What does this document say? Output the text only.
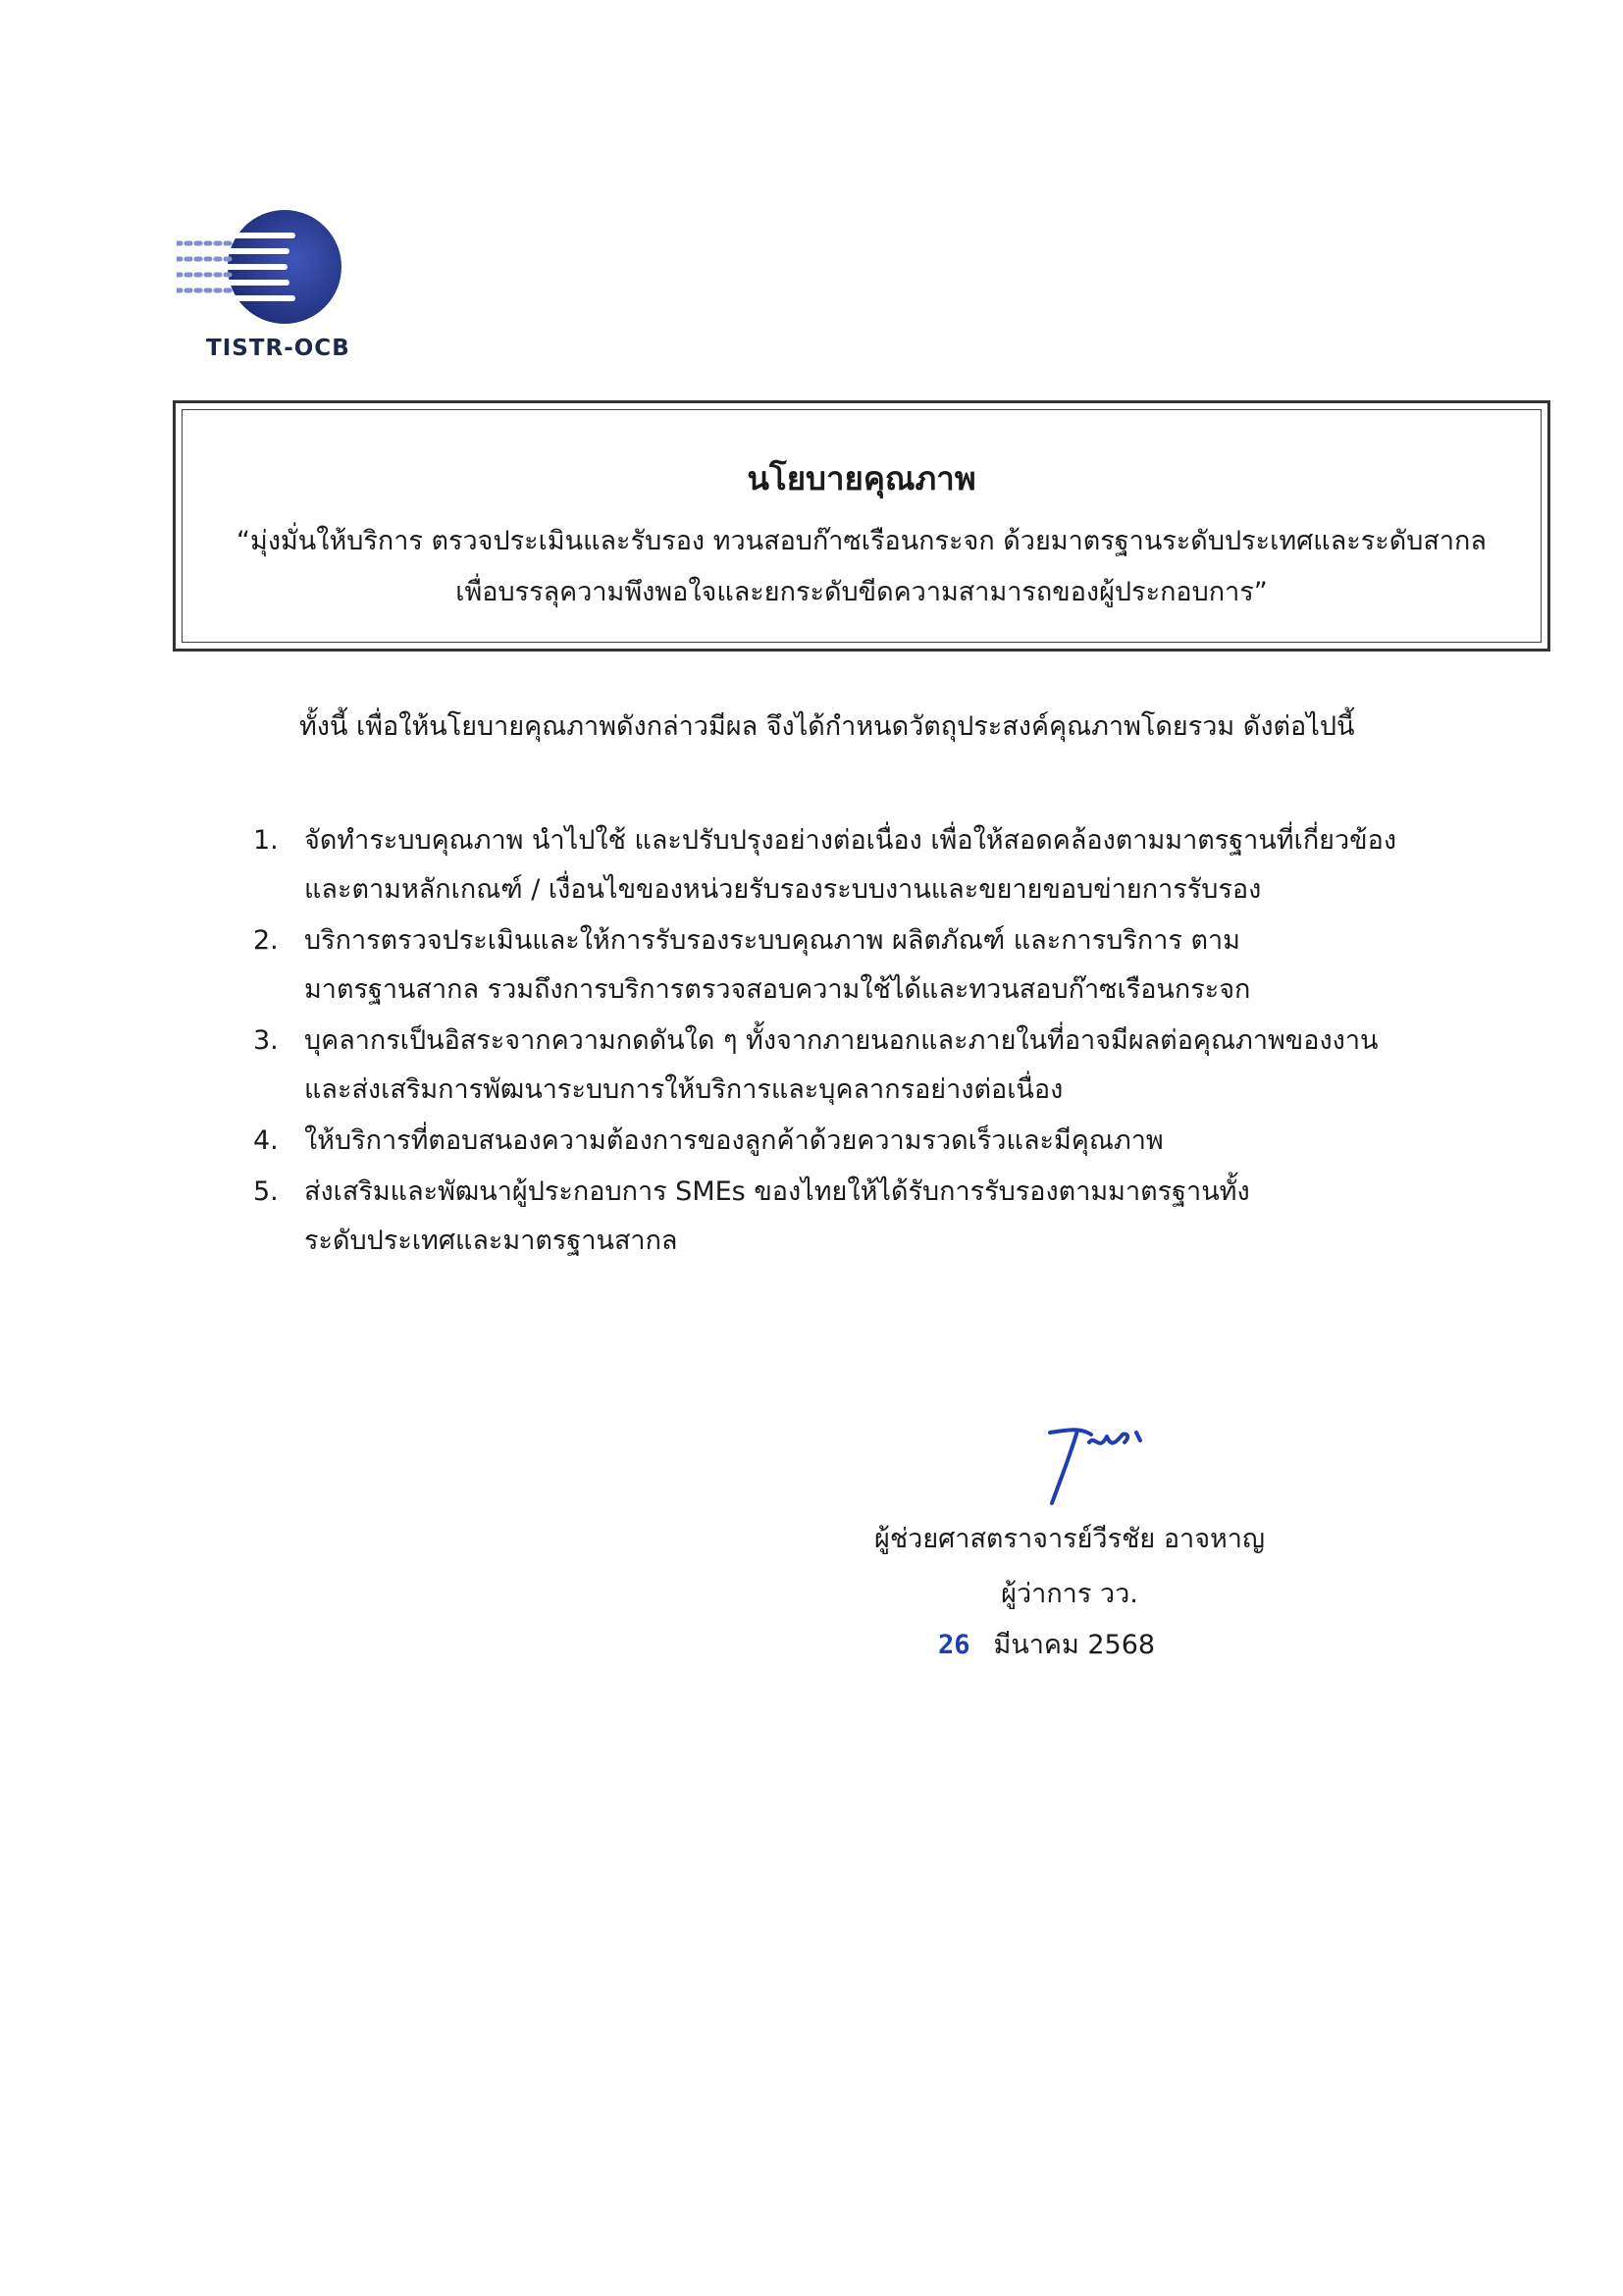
TISTR-OCB
นโยบายคุณภาพ
“มุ่งมั่นให้บริการ ตรวจประเมินและรับรอง ทวนสอบก๊าซเรือนกระจก ด้วยมาตรฐานระดับประเทศและระดับสากล
เพื่อบรรลุความพึงพอใจและยกระดับขีดความสามารถของผู้ประกอบการ”
ทั้งนี้ เพื่อให้นโยบายคุณภาพดังกล่าวมีผล จึงได้กำหนดวัตถุประสงค์คุณภาพโดยรวม ดังต่อไปนี้
1. จัดทำระบบคุณภาพ นำไปใช้ และปรับปรุงอย่างต่อเนื่อง เพื่อให้สอดคล้องตามมาตรฐานที่เกี่ยวข้อง
และตามหลักเกณฑ์ / เงื่อนไขของหน่วยรับรองระบบงานและขยายขอบข่ายการรับรอง
2. บริการตรวจประเมินและให้การรับรองระบบคุณภาพ ผลิตภัณฑ์ และการบริการ ตาม
มาตรฐานสากล รวมถึงการบริการตรวจสอบความใช้ได้และทวนสอบก๊าซเรือนกระจก
3. บุคลากรเป็นอิสระจากความกดดันใด ๆ ทั้งจากภายนอกและภายในที่อาจมีผลต่อคุณภาพของงาน
และส่งเสริมการพัฒนาระบบการให้บริการและบุคลากรอย่างต่อเนื่อง
4. ให้บริการที่ตอบสนองความต้องการของลูกค้าด้วยความรวดเร็วและมีคุณภาพ
5. ส่งเสริมและพัฒนาผู้ประกอบการ SMEs ของไทยให้ได้รับการรับรองตามมาตรฐานทั้ง
ระดับประเทศและมาตรฐานสากล
ผู้ช่วยศาสตราจารย์วีรชัย อาจหาญ
ผู้ว่าการ วว.
26 มีนาคม 2568
